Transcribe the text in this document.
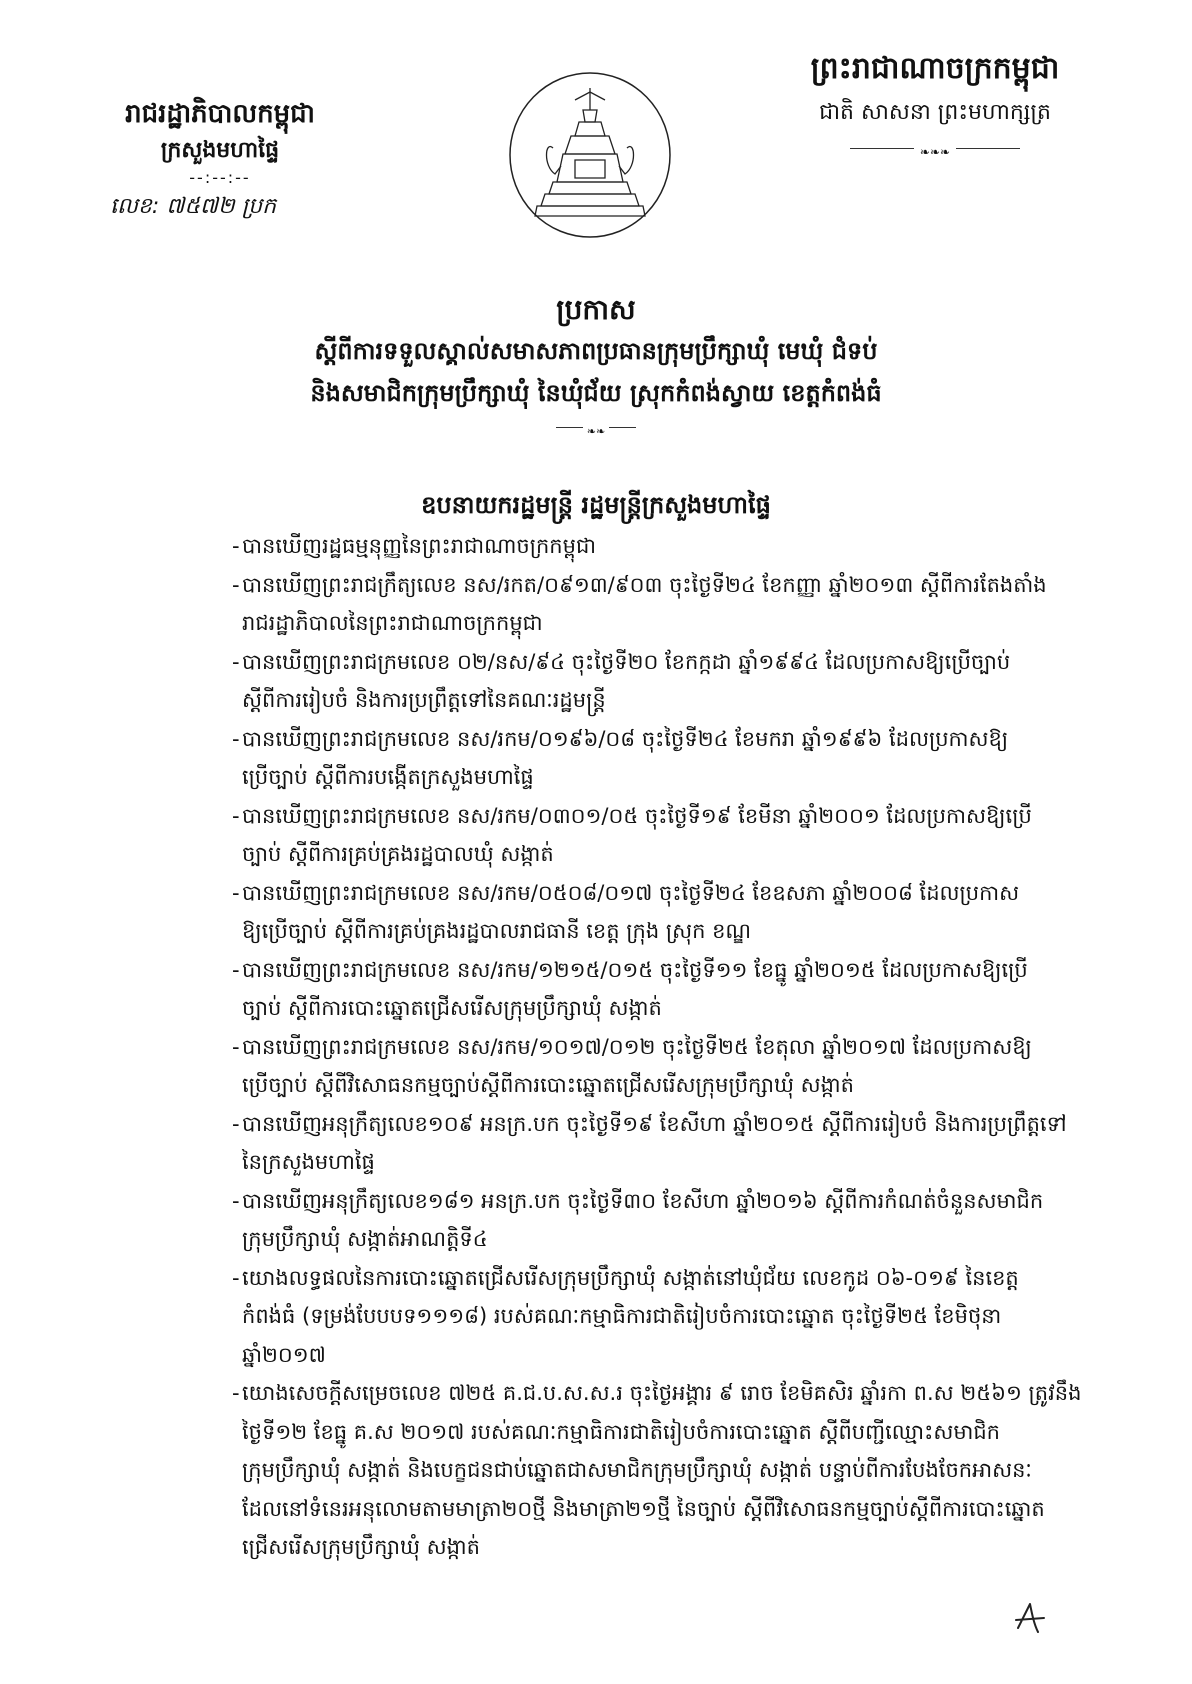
រាជរដ្ឋាភិបាលកម្ពុជា
ក្រសួងមហាផ្ទៃ
--:--:--
លេខ: ៧៥៧២ ប្រក
ព្រះរាជាណាចក្រកម្ពុជា
ជាតិ សាសនា ព្រះមហាក្សត្រ
❧❧❧
ប្រកាស
ស្តីពីការទទួលស្គាល់សមាសភាពប្រធានក្រុមប្រឹក្សាឃុំ មេឃុំ ជំទប់
និងសមាជិកក្រុមប្រឹក្សាឃុំ នៃឃុំជ័យ ស្រុកកំពង់ស្វាយ ខេត្តកំពង់ធំ
❧❧
ឧបនាយករដ្ឋមន្ត្រី រដ្ឋមន្ត្រីក្រសួងមហាផ្ទៃ
- បានឃើញរដ្ឋធម្មនុញ្ញនៃព្រះរាជាណាចក្រកម្ពុជា
- បានឃើញព្រះរាជក្រឹត្យលេខ នស/រកត/០៩១៣/៩០៣ ចុះថ្ងៃទី២៤ ខែកញ្ញា ឆ្នាំ២០១៣ ស្តីពីការតែងតាំង
រាជរដ្ឋាភិបាលនៃព្រះរាជាណាចក្រកម្ពុជា
- បានឃើញព្រះរាជក្រមលេខ ០២/នស/៩៤ ចុះថ្ងៃទី២០ ខែកក្កដា ឆ្នាំ១៩៩៤ ដែលប្រកាសឱ្យប្រើច្បាប់
ស្តីពីការរៀបចំ និងការប្រព្រឹត្តទៅនៃគណៈរដ្ឋមន្ត្រី
- បានឃើញព្រះរាជក្រមលេខ នស/រកម/០១៩៦/០៨ ចុះថ្ងៃទី២៤ ខែមករា ឆ្នាំ១៩៩៦ ដែលប្រកាសឱ្យ
ប្រើច្បាប់ ស្តីពីការបង្កើតក្រសួងមហាផ្ទៃ
- បានឃើញព្រះរាជក្រមលេខ នស/រកម/០៣០១/០៥ ចុះថ្ងៃទី១៩ ខែមីនា ឆ្នាំ២០០១ ដែលប្រកាសឱ្យប្រើ
ច្បាប់ ស្តីពីការគ្រប់គ្រងរដ្ឋបាលឃុំ សង្កាត់
- បានឃើញព្រះរាជក្រមលេខ នស/រកម/០៥០៨/០១៧ ចុះថ្ងៃទី២៤ ខែឧសភា ឆ្នាំ២០០៨ ដែលប្រកាស
ឱ្យប្រើច្បាប់ ស្តីពីការគ្រប់គ្រងរដ្ឋបាលរាជធានី ខេត្ត ក្រុង ស្រុក ខណ្ឌ
- បានឃើញព្រះរាជក្រមលេខ នស/រកម/១២១៥/០១៥ ចុះថ្ងៃទី១១ ខែធ្នូ ឆ្នាំ២០១៥ ដែលប្រកាសឱ្យប្រើ
ច្បាប់ ស្តីពីការបោះឆ្នោតជ្រើសរើសក្រុមប្រឹក្សាឃុំ សង្កាត់
- បានឃើញព្រះរាជក្រមលេខ នស/រកម/១០១៧/០១២ ចុះថ្ងៃទី២៥ ខែតុលា ឆ្នាំ២០១៧ ដែលប្រកាសឱ្យ
ប្រើច្បាប់ ស្តីពីវិសោធនកម្មច្បាប់ស្តីពីការបោះឆ្នោតជ្រើសរើសក្រុមប្រឹក្សាឃុំ សង្កាត់
- បានឃើញអនុក្រឹត្យលេខ១០៩ អនក្រ.បក ចុះថ្ងៃទី១៩ ខែសីហា ឆ្នាំ២០១៥ ស្តីពីការរៀបចំ និងការប្រព្រឹត្តទៅ
នៃក្រសួងមហាផ្ទៃ
- បានឃើញអនុក្រឹត្យលេខ១៨១ អនក្រ.បក ចុះថ្ងៃទី៣០ ខែសីហា ឆ្នាំ២០១៦ ស្តីពីការកំណត់ចំនួនសមាជិក
ក្រុមប្រឹក្សាឃុំ សង្កាត់អាណត្តិទី៤
- យោងលទ្ធផលនៃការបោះឆ្នោតជ្រើសរើសក្រុមប្រឹក្សាឃុំ សង្កាត់នៅឃុំជ័យ លេខកូដ ០៦-០១៩ នៃខេត្ត
កំពង់ធំ (ទម្រង់បែបបទ១១១៨) របស់គណៈកម្មាធិការជាតិរៀបចំការបោះឆ្នោត ចុះថ្ងៃទី២៥ ខែមិថុនា
ឆ្នាំ២០១៧
- យោងសេចក្តីសម្រេចលេខ ៧២៥ គ.ជ.ប.ស.ស.រ ចុះថ្ងៃអង្គារ ៩ រោច ខែមិគសិរ ឆ្នាំរកា ព.ស ២៥៦១ ត្រូវនឹង
ថ្ងៃទី១២ ខែធ្នូ គ.ស ២០១៧ របស់គណៈកម្មាធិការជាតិរៀបចំការបោះឆ្នោត ស្តីពីបញ្ជីឈ្មោះសមាជិក
ក្រុមប្រឹក្សាឃុំ សង្កាត់ និងបេក្ខជនជាប់ឆ្នោតជាសមាជិកក្រុមប្រឹក្សាឃុំ សង្កាត់ បន្ទាប់ពីការបែងចែកអាសនៈ
ដែលនៅទំនេរអនុលោមតាមមាត្រា២០ថ្មី និងមាត្រា២១ថ្មី នៃច្បាប់ ស្តីពីវិសោធនកម្មច្បាប់ស្តីពីការបោះឆ្នោត
ជ្រើសរើសក្រុមប្រឹក្សាឃុំ សង្កាត់
